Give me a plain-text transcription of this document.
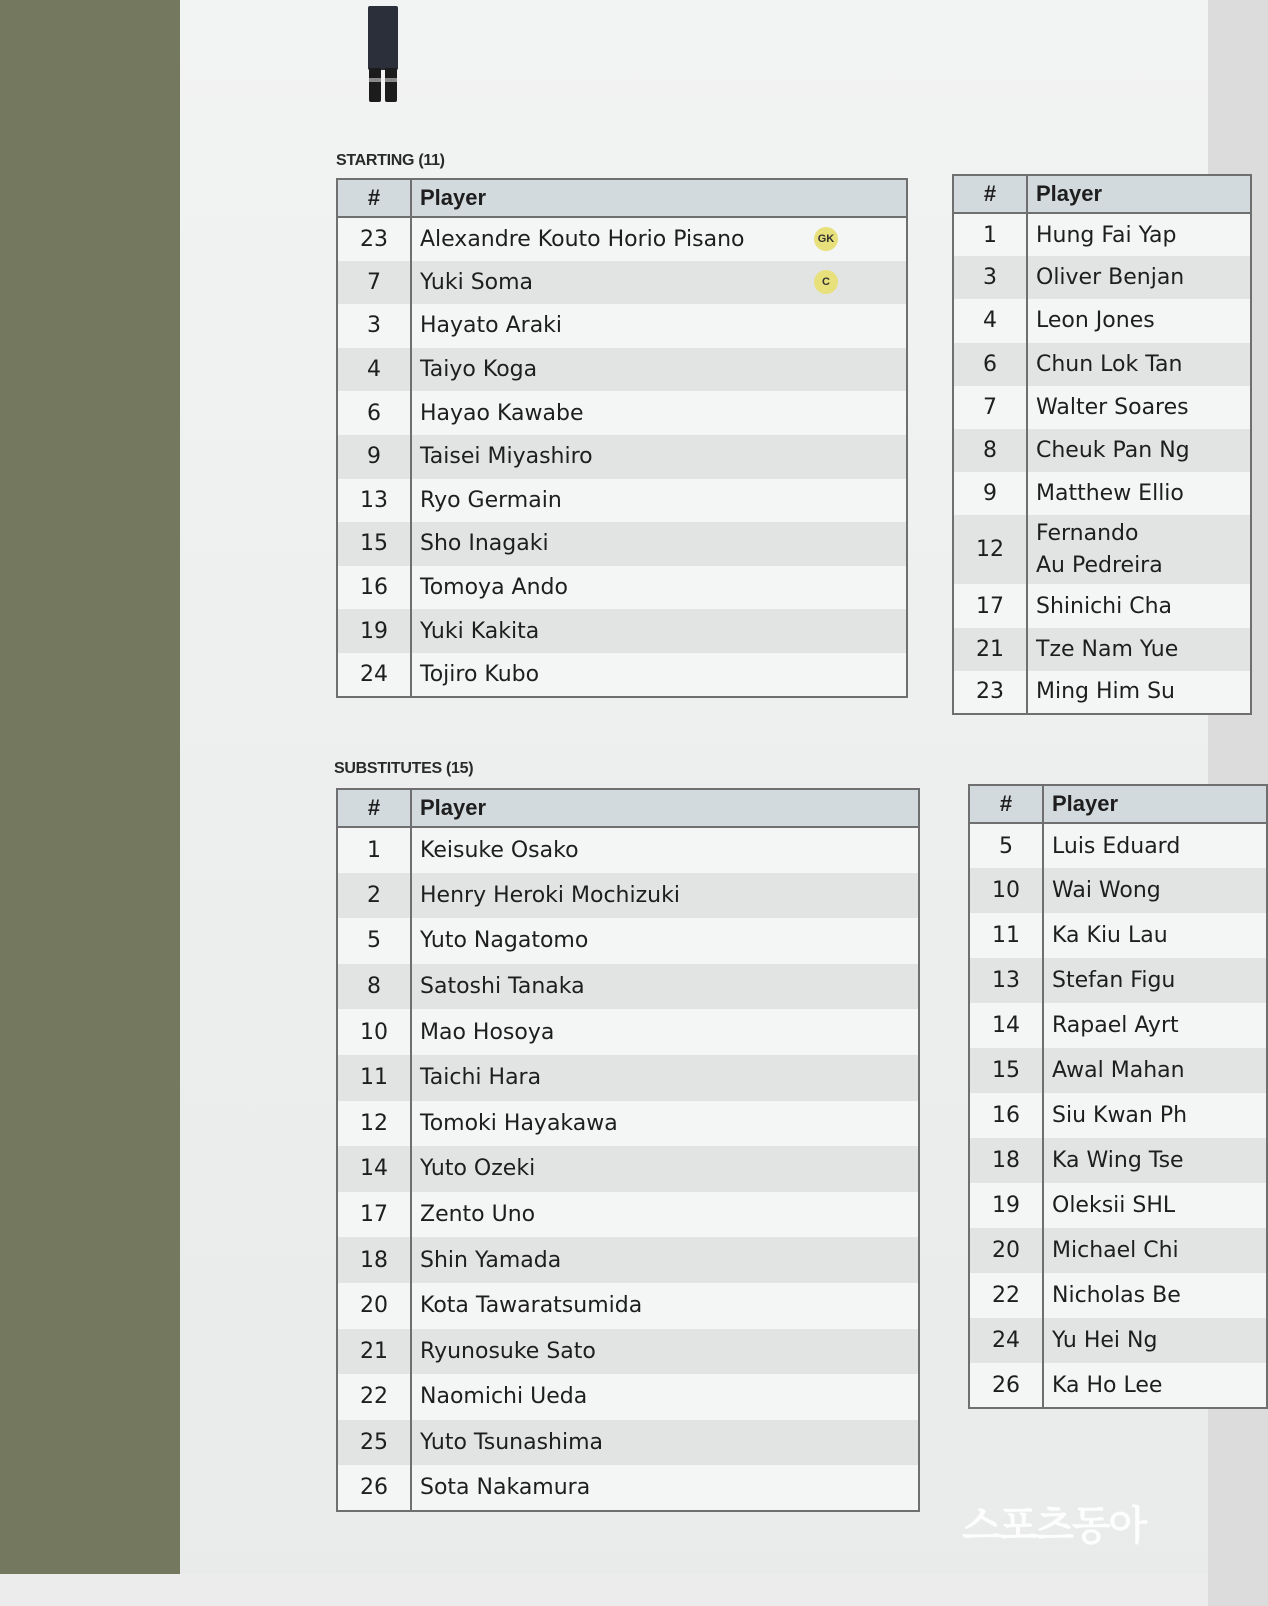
STARTING (11)
#	Player
23	Alexandre Kouto Horio Pisano GK

7	Yuki Soma C

3	Hayato Araki
4	Taiyo Koga
6	Hayao Kawabe
9	Taisei Miyashiro
13	Ryo Germain
15	Sho Inagaki
16	Tomoya Ando
19	Yuki Kakita
24	Tojiro Kubo
#	Player
1	Hung Fai Yap
3	Oliver Benjan
4	Leon Jones
6	Chun Lok Tan
7	Walter Soares
8	Cheuk Pan Ng
9	Matthew Ellio
12	Fernando Au Pedreira
17	Shinichi Cha
21	Tze Nam Yue
23	Ming Him Su
SUBSTITUTES (15)
#	Player
1	Keisuke Osako
2	Henry Heroki Mochizuki
5	Yuto Nagatomo
8	Satoshi Tanaka
10	Mao Hosoya
11	Taichi Hara
12	Tomoki Hayakawa
14	Yuto Ozeki
17	Zento Uno
18	Shin Yamada
20	Kota Tawaratsumida
21	Ryunosuke Sato
22	Naomichi Ueda
25	Yuto Tsunashima
26	Sota Nakamura
#	Player
5	Luis Eduard
10	Wai Wong
11	Ka Kiu Lau
13	Stefan Figu
14	Rapael Ayrt
15	Awal Mahan
16	Siu Kwan Ph
18	Ka Wing Tse
19	Oleksii SHL
20	Michael Chi
22	Nicholas Be
24	Yu Hei Ng
26	Ka Ho Lee
스포츠동아
